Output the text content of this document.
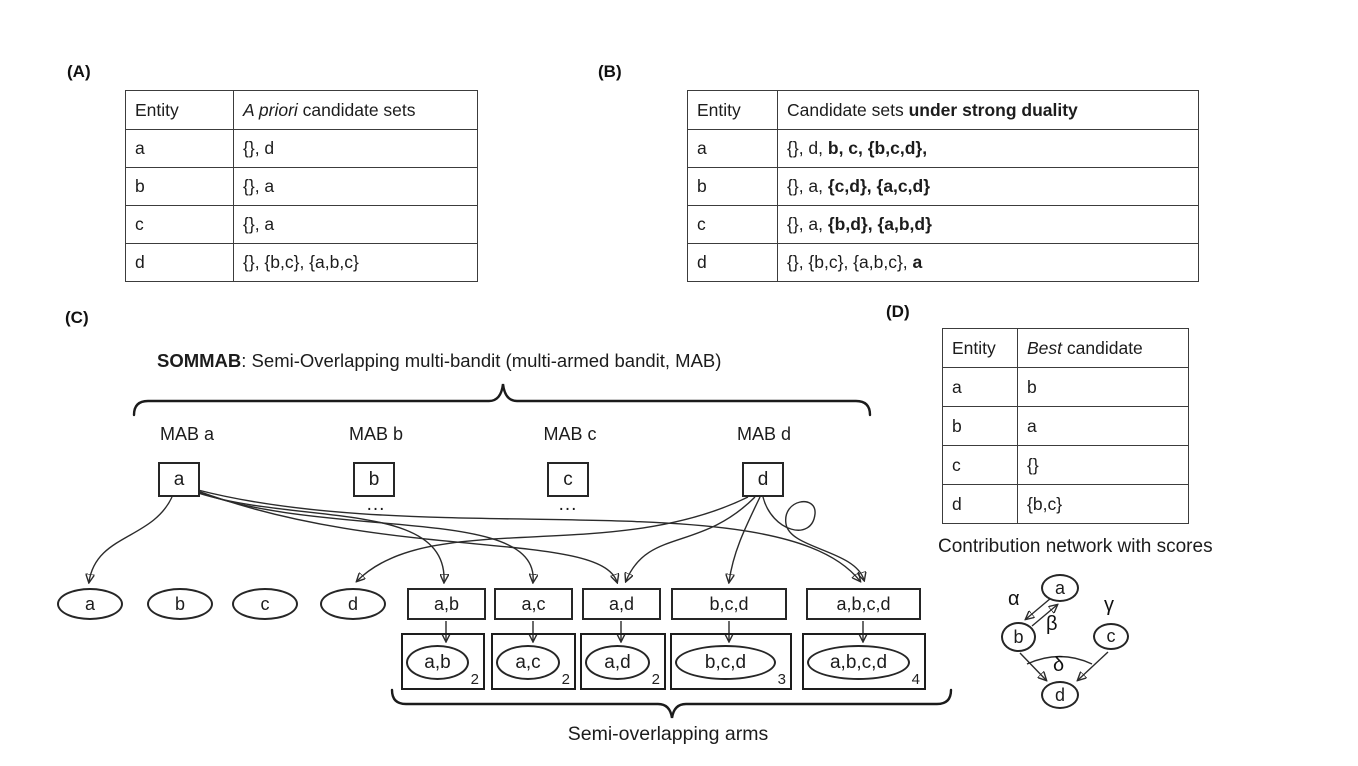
(A)
Entity	A priori candidate sets
a	{}, d
b	{}, a
c	{}, a
d	{}, {b,c}, {a,b,c}
(B)
Entity	Candidate sets under strong duality
a	{}, d, b, c, {b,c,d},
b	{}, a, {c,d}, {a,c,d}
c	{}, a, {b,d}, {a,b,d}
d	{}, {b,c}, {a,b,c}, a
(C)
SOMMAB: Semi-Overlapping multi-bandit (multi-armed bandit, MAB)
MAB a	MAB b	MAB c	MAB d
a	b	c	d
...	...
a	b	c	d	a,b	a,c	a,d	b,c,d	a,b,c,d
a,b
2
a,c
2
a,d
2
b,c,d
3
a,b,c,d
4
Semi-overlapping arms
(D)
Entity	Best candidate
a	b
b	a
c	{}
d	{b,c}
Contribution network with scores
a
b	c
d
α
β
γ
δ
